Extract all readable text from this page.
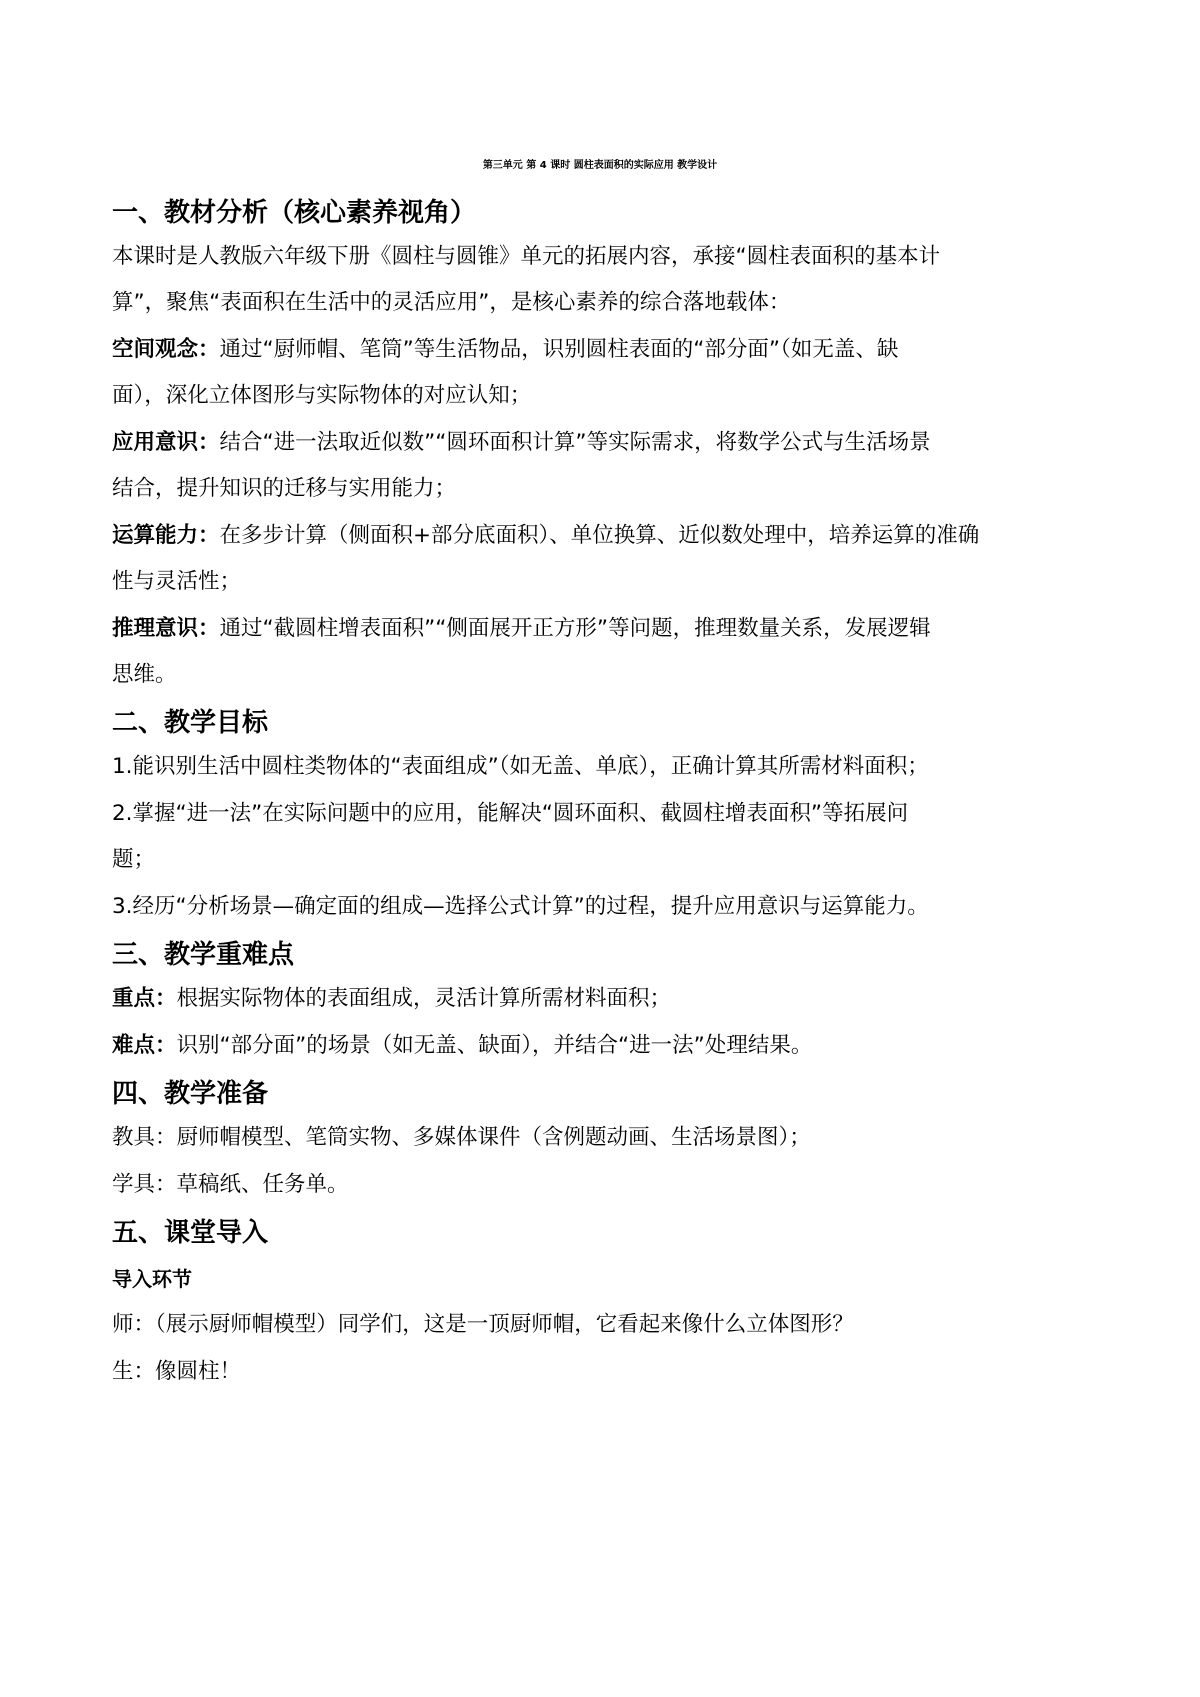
第三单元 第 4 课时 圆柱表面积的实际应用 教学设计
一、教材分析（核心素养视角）
本课时是人教版六年级下册《圆柱与圆锥》单元的拓展内容，承接“圆柱表面积的基本计
算”，聚焦“表面积在生活中的灵活应用”，是核心素养的综合落地载体：
空间观念：通过“厨师帽、笔筒”等生活物品，识别圆柱表面的“部分面”（如无盖、缺
面），深化立体图形与实际物体的对应认知；
应用意识：结合“进一法取近似数”“圆环面积计算”等实际需求，将数学公式与生活场景
结合，提升知识的迁移与实用能力；
运算能力：在多步计算（侧面积+部分底面积）、单位换算、近似数处理中，培养运算的准确
性与灵活性；
推理意识：通过“截圆柱增表面积”“侧面展开正方形”等问题，推理数量关系，发展逻辑
思维。
二、教学目标
1.能识别生活中圆柱类物体的“表面组成”（如无盖、单底），正确计算其所需材料面积；
2.掌握“进一法”在实际问题中的应用，能解决“圆环面积、截圆柱增表面积”等拓展问
题；
3.经历“分析场景—确定面的组成—选择公式计算”的过程，提升应用意识与运算能力。
三、教学重难点
重点：根据实际物体的表面组成，灵活计算所需材料面积；
难点：识别“部分面”的场景（如无盖、缺面），并结合“进一法”处理结果。
四、教学准备
教具：厨师帽模型、笔筒实物、多媒体课件（含例题动画、生活场景图）；
学具：草稿纸、任务单。
五、课堂导入
导入环节
师：（展示厨师帽模型）同学们，这是一顶厨师帽，它看起来像什么立体图形？
生：像圆柱！
